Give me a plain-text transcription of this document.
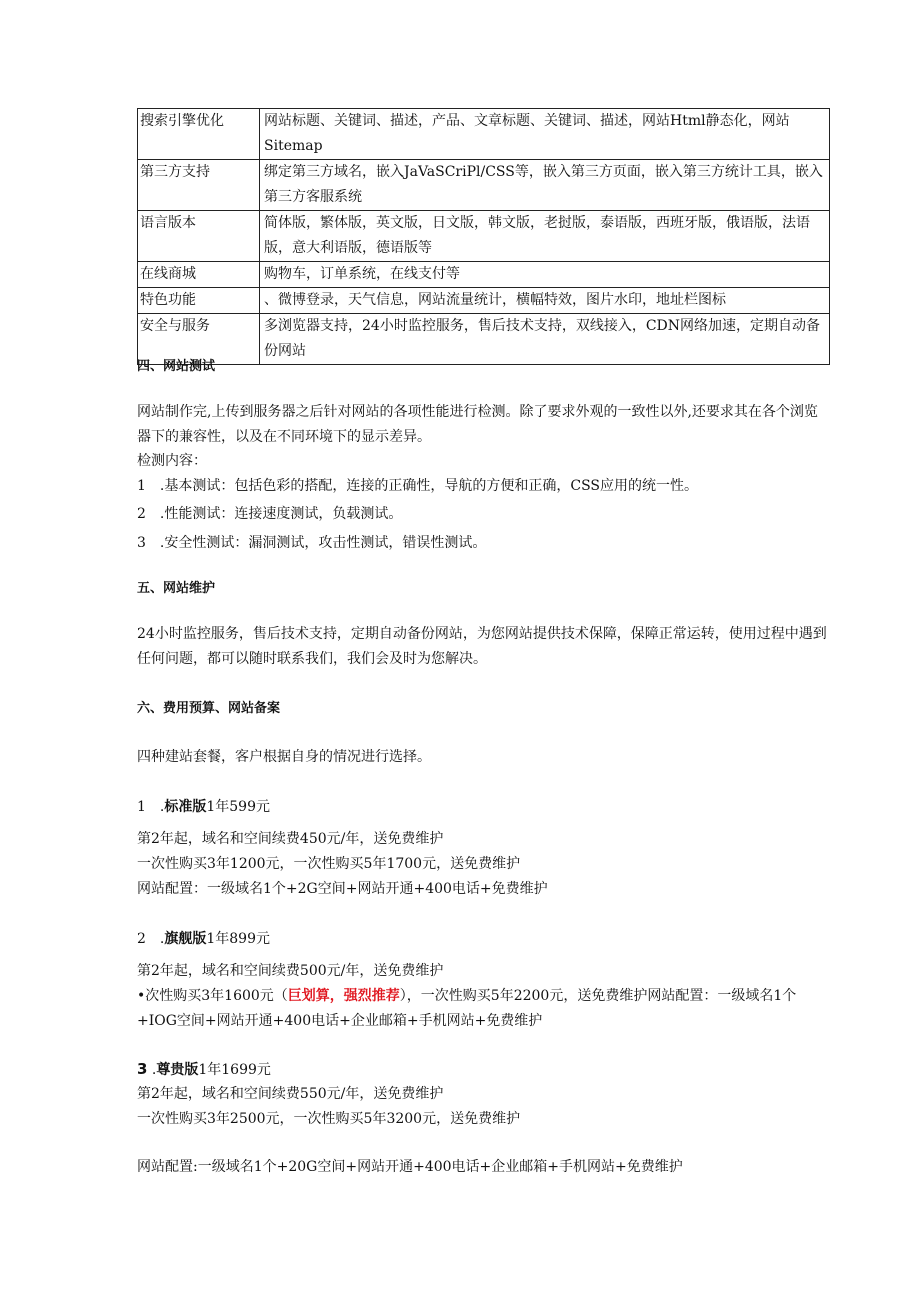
搜索引擎优化	网站标题、关键词、描述，产品、文章标题、关键词、描述，网站Html静态化，网站Sitemap
第三方支持	绑定第三方域名，嵌入JaVaSCriPl/CSS等，嵌入第三方页面，嵌入第三方统计工具，嵌入第三方客服系统
语言版本	简体版，繁体版，英文版，日文版，韩文版，老挝版，泰语版，西班牙版，俄语版，法语版，意大利语版，德语版等
在线商城	购物车，订单系统，在线支付等
特色功能	、微博登录，天气信息，网站流量统计，横幅特效，图片水印，地址栏图标
安全与服务	多浏览器支持，24小时监控服务，售后技术支持，双线接入，CDN网络加速，定期自动备份网站
四、网站测试
网站制作完,上传到服务器之后针对网站的各项性能进行检测。除了要求外观的一致性以外,还要求其在各个浏览器下的兼容性，以及在不同环境下的显示差异。
检测内容：
1　.基本测试：包括色彩的搭配，连接的正确性，导航的方便和正确，CSS应用的统一性。
2　.性能测试：连接速度测试，负载测试。
3　.安全性测试：漏洞测试，攻击性测试，错误性测试。
五、网站维护
24小时监控服务，售后技术支持，定期自动备份网站，为您网站提供技术保障，保障正常运转，使用过程中遇到任何问题，都可以随时联系我们，我们会及时为您解决。
六、费用预算、网站备案
四种建站套餐，客户根据自身的情况进行选择。
1　.标准版1年599元
第2年起，域名和空间续费450元/年，送免费维护
一次性购买3年1200元，一次性购买5年1700元，送免费维护
网站配置：一级域名1个+2G空间+网站开通+400电话+免费维护
2　.旗舰版1年899元
第2年起，域名和空间续费500元/年，送免费维护
•次性购买3年1600元（巨划算，强烈推荐），一次性购买5年2200元，送免费维护网站配置：一级域名1个+IOG空间+网站开通+400电话+企业邮箱+手机网站+免费维护
3 .尊贵版1年1699元
第2年起，域名和空间续费550元/年，送免费维护
一次性购买3年2500元，一次性购买5年3200元，送免费维护
网站配置:一级域名1个+20G空间+网站开通+400电话+企业邮箱+手机网站+免费维护
